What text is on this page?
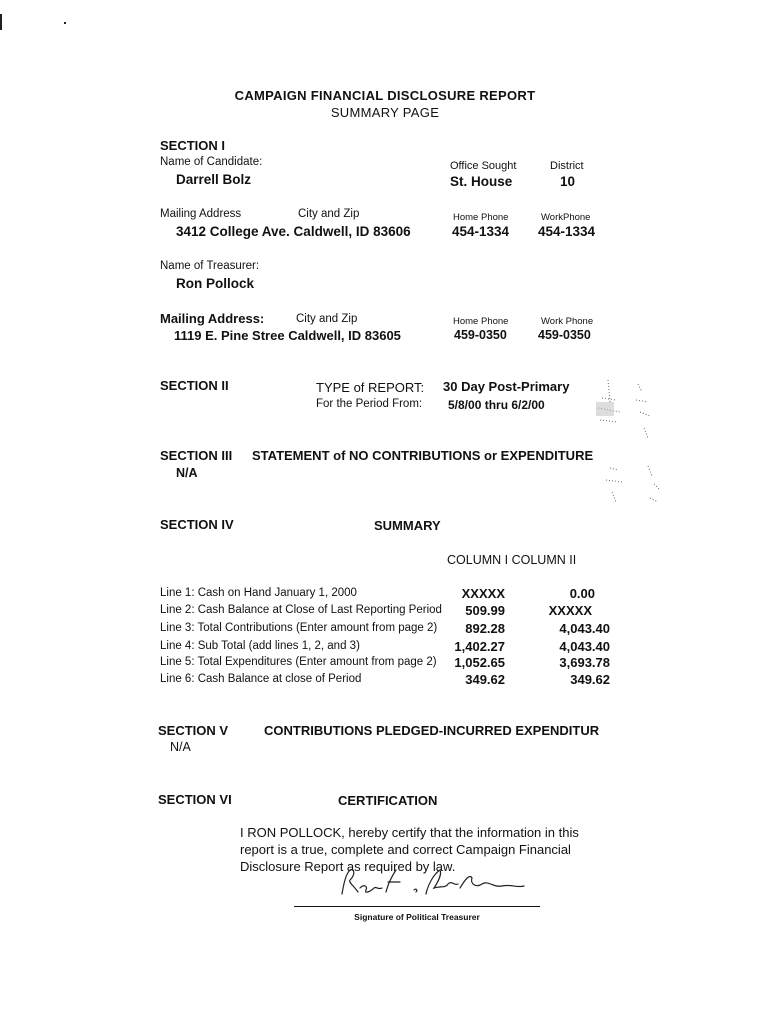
CAMPAIGN FINANCIAL DISCLOSURE REPORT
SUMMARY PAGE
SECTION I
Name of Candidate:
Darrell Bolz
Office Sought
St. House
District
10
Mailing Address	City and Zip	Home Phone	WorkPhone
3412 College Ave. Caldwell, ID 83606	454-1334 454-1334
Name of Treasurer:
Ron Pollock
Mailing Address:	City and Zip	Home Phone	Work Phone
1119 E. Pine Stree Caldwell, ID 83605	459-0350 459-0350
SECTION II	TYPE of REPORT: 30 Day Post-Primary
For the Period From: 5/8/00 thru 6/2/00
SECTION III STATEMENT of NO CONTRIBUTIONS or EXPENDITURE
N/A
SECTION IV	SUMMARY
COLUMN I COLUMN II
Line 1: Cash on Hand January 1, 2000	XXXXX	0.00
Line 2: Cash Balance at Close of Last Reporting Period	509.99	XXXXX
Line 3: Total Contributions (Enter amount from page 2)	892.28	4,043.40
Line 4: Sub Total (add lines 1, 2, and 3)	1,402.27	4,043.40
Line 5: Total Expenditures (Enter amount from page 2)	1,052.65	3,693.78
Line 6: Cash Balance at close of Period	349.62	349.62
SECTION V	CONTRIBUTIONS PLEDGED-INCURRED EXPENDITUR
N/A
SECTION VI	CERTIFICATION
I RON POLLOCK, hereby certify that the information in this
report is a true, complete and correct Campaign Financial
Disclosure Report as required by law.
Signature of Political Treasurer
